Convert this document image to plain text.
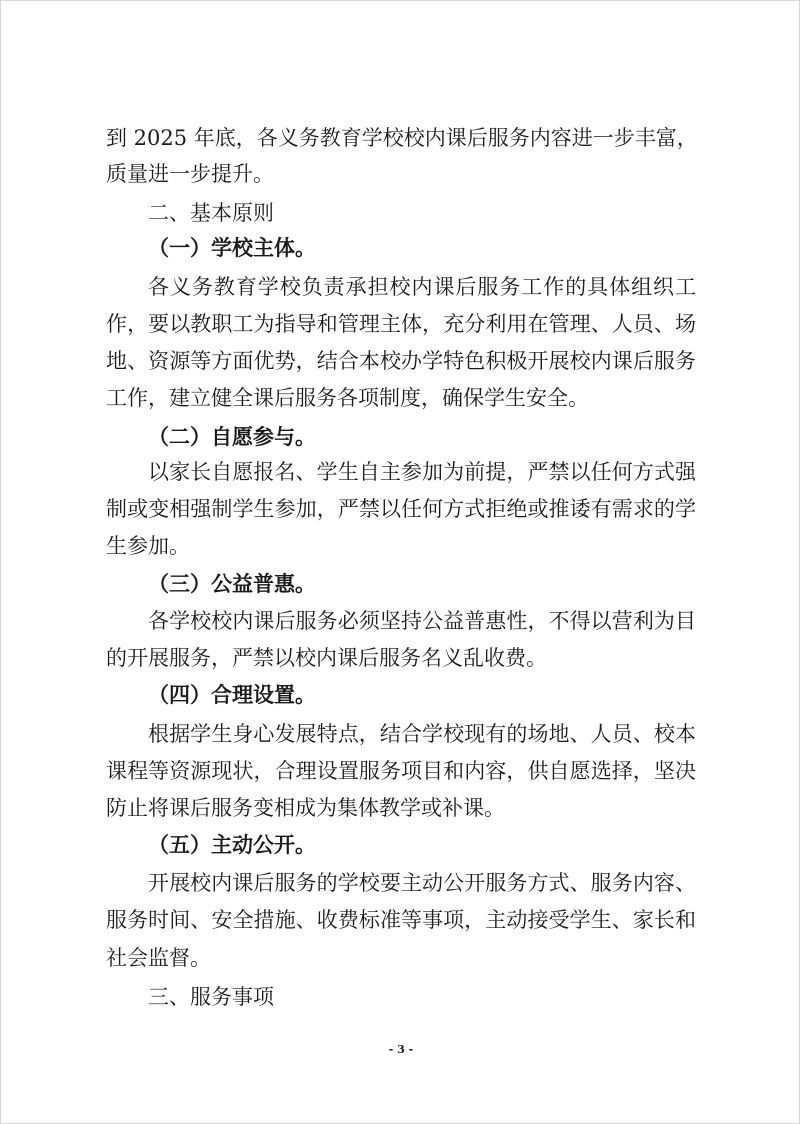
到 2025 年底，各义务教育学校校内课后服务内容进一步丰富，
质量进一步提升。
二、基本原则
（一）学校主体。
各义务教育学校负责承担校内课后服务工作的具体组织工
作，要以教职工为指导和管理主体，充分利用在管理、人员、场
地、资源等方面优势，结合本校办学特色积极开展校内课后服务
工作，建立健全课后服务各项制度，确保学生安全。
（二）自愿参与。
以家长自愿报名、学生自主参加为前提，严禁以任何方式强
制或变相强制学生参加，严禁以任何方式拒绝或推诿有需求的学
生参加。
（三）公益普惠。
各学校校内课后服务必须坚持公益普惠性，不得以营利为目
的开展服务，严禁以校内课后服务名义乱收费。
（四）合理设置。
根据学生身心发展特点，结合学校现有的场地、人员、校本
课程等资源现状，合理设置服务项目和内容，供自愿选择，坚决
防止将课后服务变相成为集体教学或补课。
（五）主动公开。
开展校内课后服务的学校要主动公开服务方式、服务内容、
服务时间、安全措施、收费标准等事项，主动接受学生、家长和
社会监督。
三、服务事项
- 3 -
